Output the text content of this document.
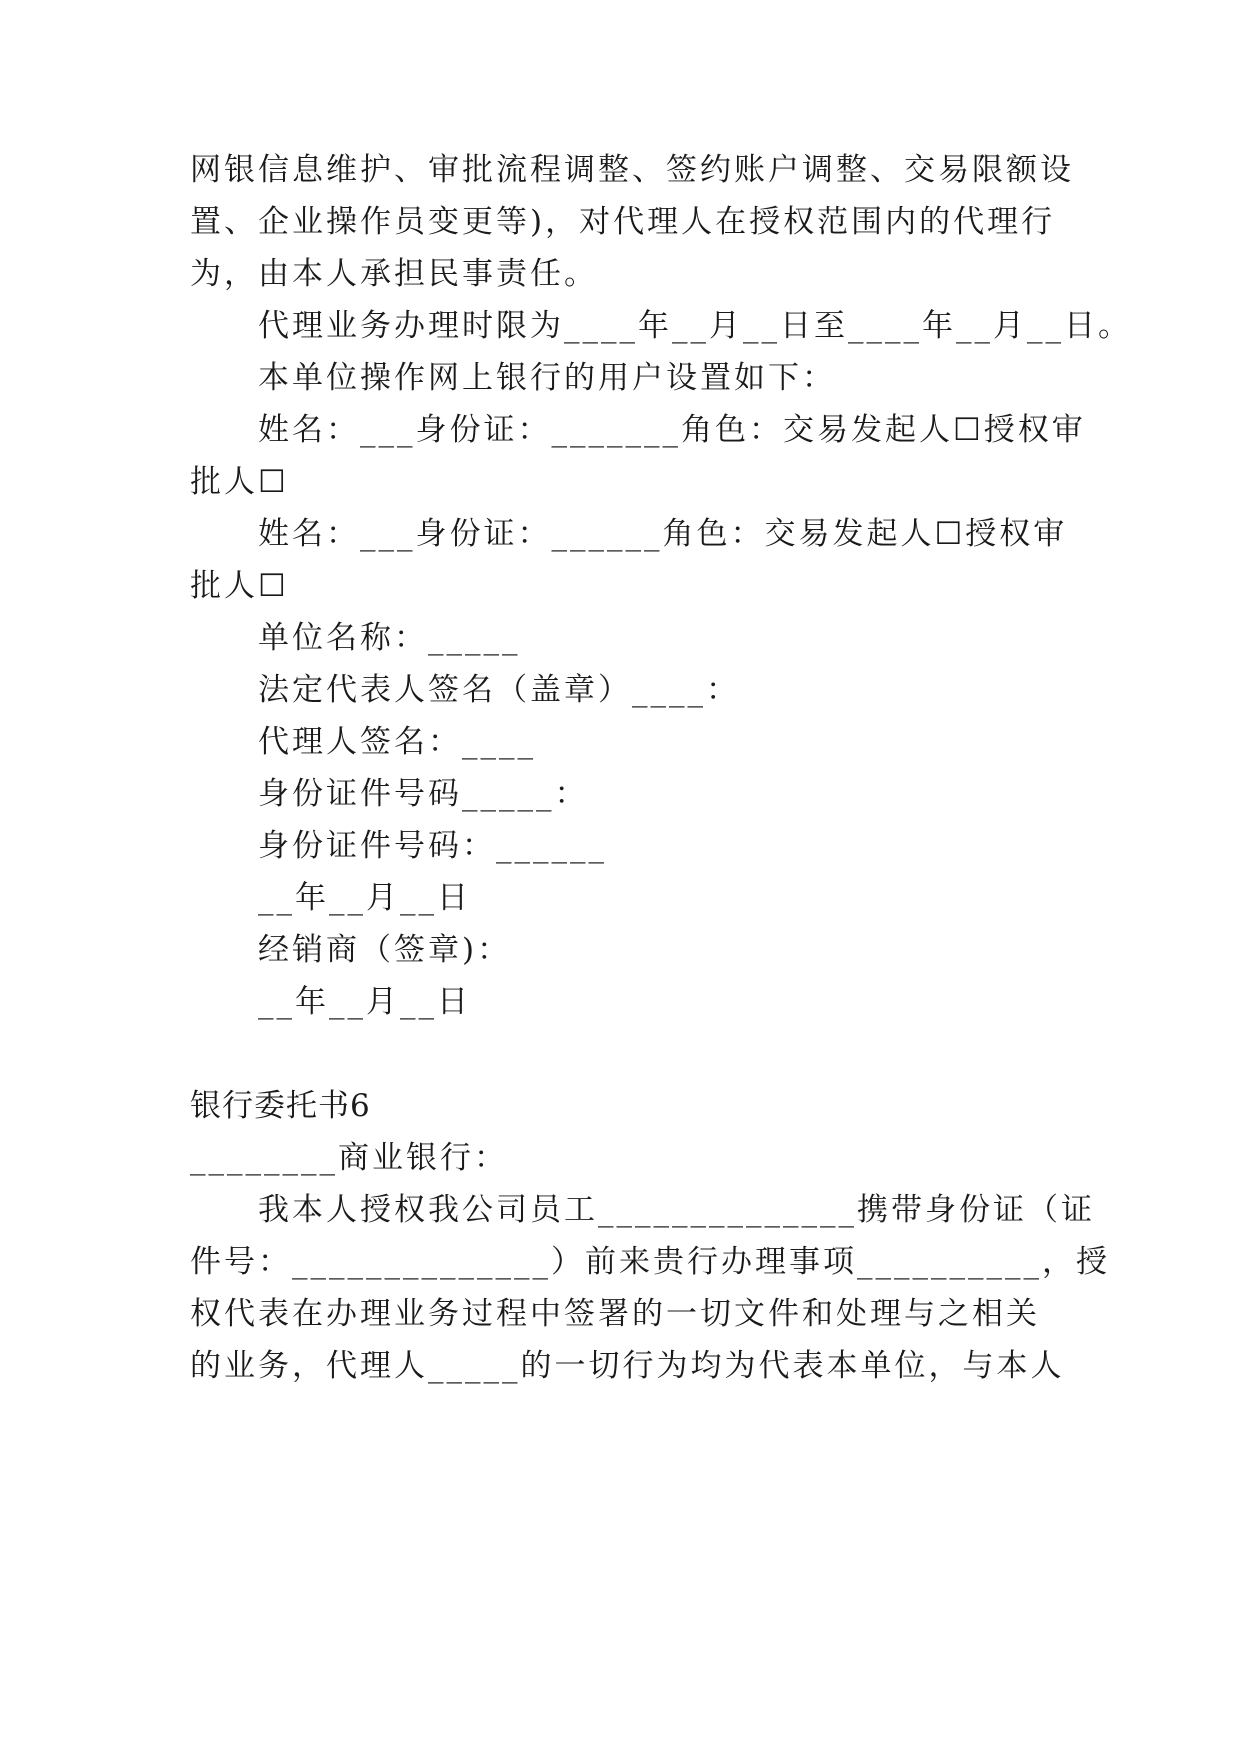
网银信息维护、审批流程调整、签约账户调整、交易限额设
置、企业操作员变更等)，对代理人在授权范围内的代理行
为，由本人承担民事责任。
代理业务办理时限为____年__月__日至____年__月__日。
本单位操作网上银行的用户设置如下：
姓名：___身份证：_______角色：交易发起人☐授权审
批人☐
姓名：___身份证：______角色：交易发起人☐授权审
批人☐
单位名称：_____
法定代表人签名（盖章）____：
代理人签名：____
身份证件号码_____：
身份证件号码：______
__年__月__日
经销商（签章)：
__年__月__日
银行委托书6
________商业银行：
我本人授权我公司员工______________携带身份证（证
件号：______________）前来贵行办理事项__________，授
权代表在办理业务过程中签署的一切文件和处理与之相关
的业务，代理人_____的一切行为均为代表本单位，与本人
